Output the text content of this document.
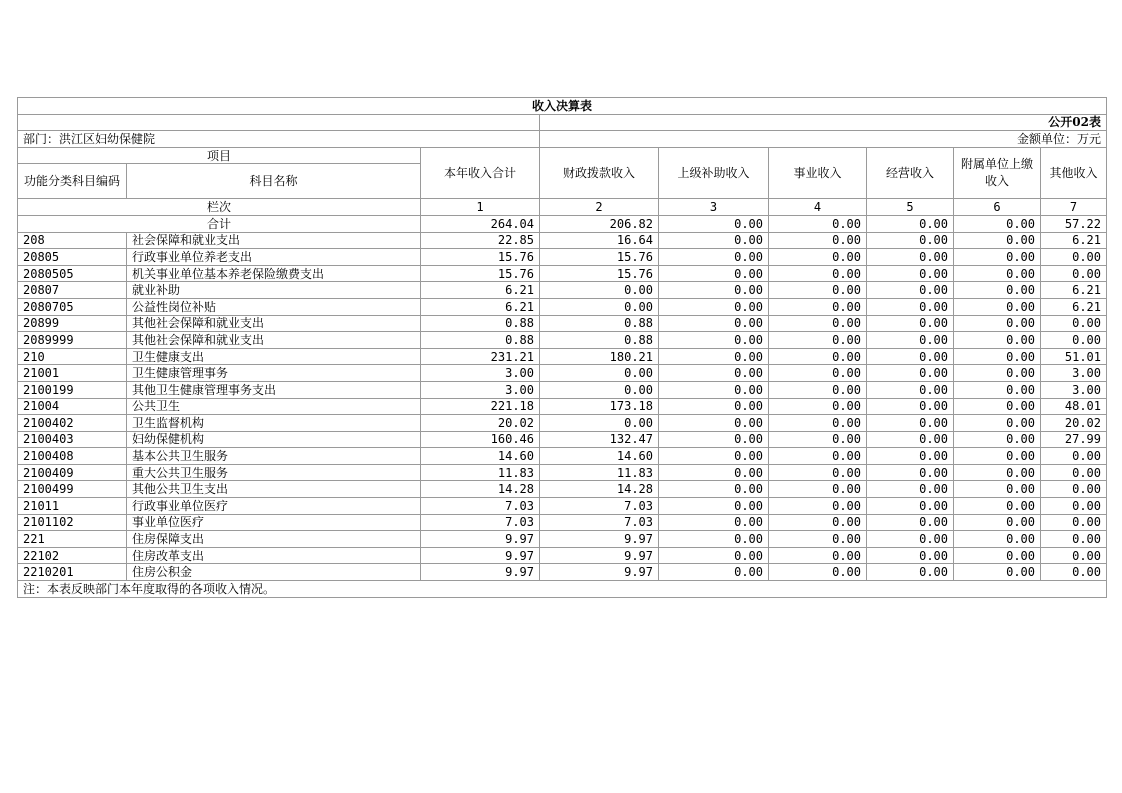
收入决算表								
			公开02表					
部门：洪江区妇幼保健院			金额单位：万元					
项目		本年收入合计	财政拨款收入	上级补助收入	事业收入	经营收入	附属单位上缴收入	其他收入
功能分类科目编码	科目名称							
栏次		1	2	3	4	5	6	7
合计		264.04	206.82	0.00	0.00	0.00	0.00	57.22
208	社会保障和就业支出	22.85	16.64	0.00	0.00	0.00	0.00	6.21
20805	行政事业单位养老支出	15.76	15.76	0.00	0.00	0.00	0.00	0.00
2080505	机关事业单位基本养老保险缴费支出	15.76	15.76	0.00	0.00	0.00	0.00	0.00
20807	就业补助	6.21	0.00	0.00	0.00	0.00	0.00	6.21
2080705	公益性岗位补贴	6.21	0.00	0.00	0.00	0.00	0.00	6.21
20899	其他社会保障和就业支出	0.88	0.88	0.00	0.00	0.00	0.00	0.00
2089999	其他社会保障和就业支出	0.88	0.88	0.00	0.00	0.00	0.00	0.00
210	卫生健康支出	231.21	180.21	0.00	0.00	0.00	0.00	51.01
21001	卫生健康管理事务	3.00	0.00	0.00	0.00	0.00	0.00	3.00
2100199	其他卫生健康管理事务支出	3.00	0.00	0.00	0.00	0.00	0.00	3.00
21004	公共卫生	221.18	173.18	0.00	0.00	0.00	0.00	48.01
2100402	卫生监督机构	20.02	0.00	0.00	0.00	0.00	0.00	20.02
2100403	妇幼保健机构	160.46	132.47	0.00	0.00	0.00	0.00	27.99
2100408	基本公共卫生服务	14.60	14.60	0.00	0.00	0.00	0.00	0.00
2100409	重大公共卫生服务	11.83	11.83	0.00	0.00	0.00	0.00	0.00
2100499	其他公共卫生支出	14.28	14.28	0.00	0.00	0.00	0.00	0.00
21011	行政事业单位医疗	7.03	7.03	0.00	0.00	0.00	0.00	0.00
2101102	事业单位医疗	7.03	7.03	0.00	0.00	0.00	0.00	0.00
221	住房保障支出	9.97	9.97	0.00	0.00	0.00	0.00	0.00
22102	住房改革支出	9.97	9.97	0.00	0.00	0.00	0.00	0.00
2210201	住房公积金	9.97	9.97	0.00	0.00	0.00	0.00	0.00
注：本表反映部门本年度取得的各项收入情况。								
